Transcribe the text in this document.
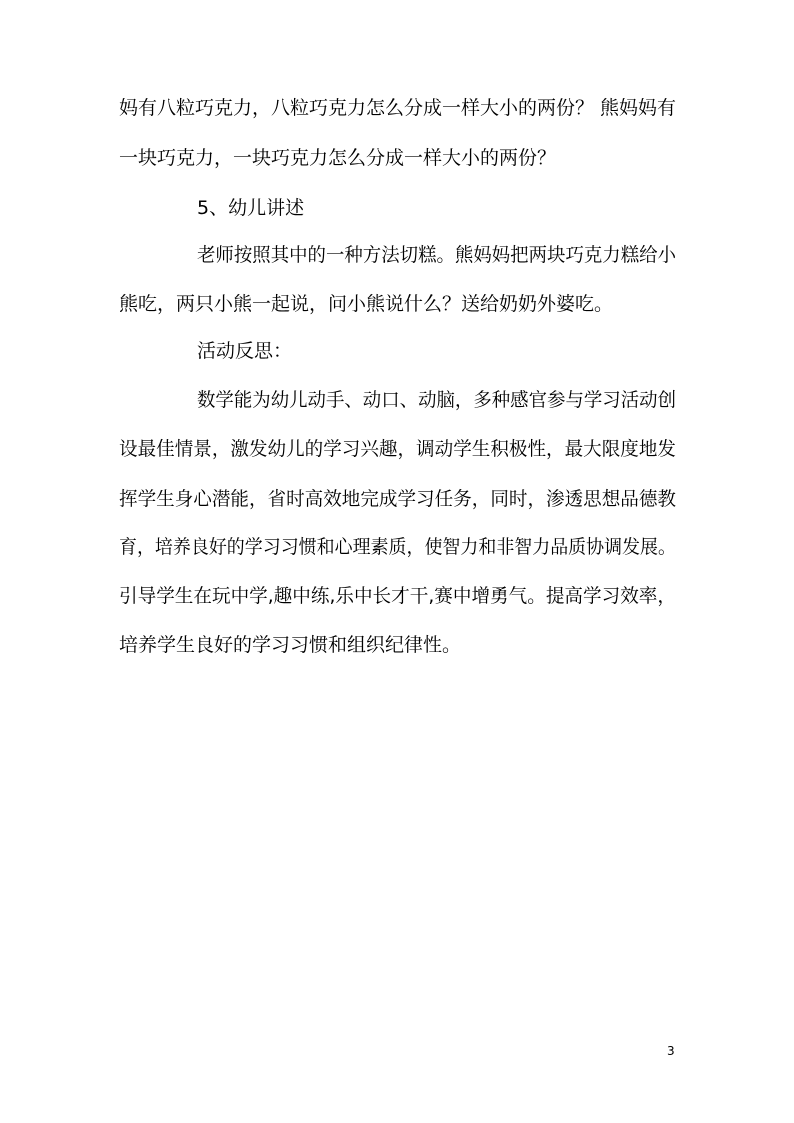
妈有八粒巧克力，八粒巧克力怎么分成一样大小的两份？ 熊妈妈有
一块巧克力，一块巧克力怎么分成一样大小的两份？
5、幼儿讲述
老师按照其中的一种方法切糕。熊妈妈把两块巧克力糕给小
熊吃，两只小熊一起说，问小熊说什么？送给奶奶外婆吃。
活动反思：
数学能为幼儿动手、动口、动脑，多种感官参与学习活动创
设最佳情景，激发幼儿的学习兴趣，调动学生积极性，最大限度地发
挥学生身心潜能，省时高效地完成学习任务，同时，渗透思想品德教
育，培养良好的学习习惯和心理素质，使智力和非智力品质协调发展。
引导学生在玩中学,趣中练,乐中长才干,赛中增勇气。提高学习效率，
培养学生良好的学习习惯和组织纪律性。
3
